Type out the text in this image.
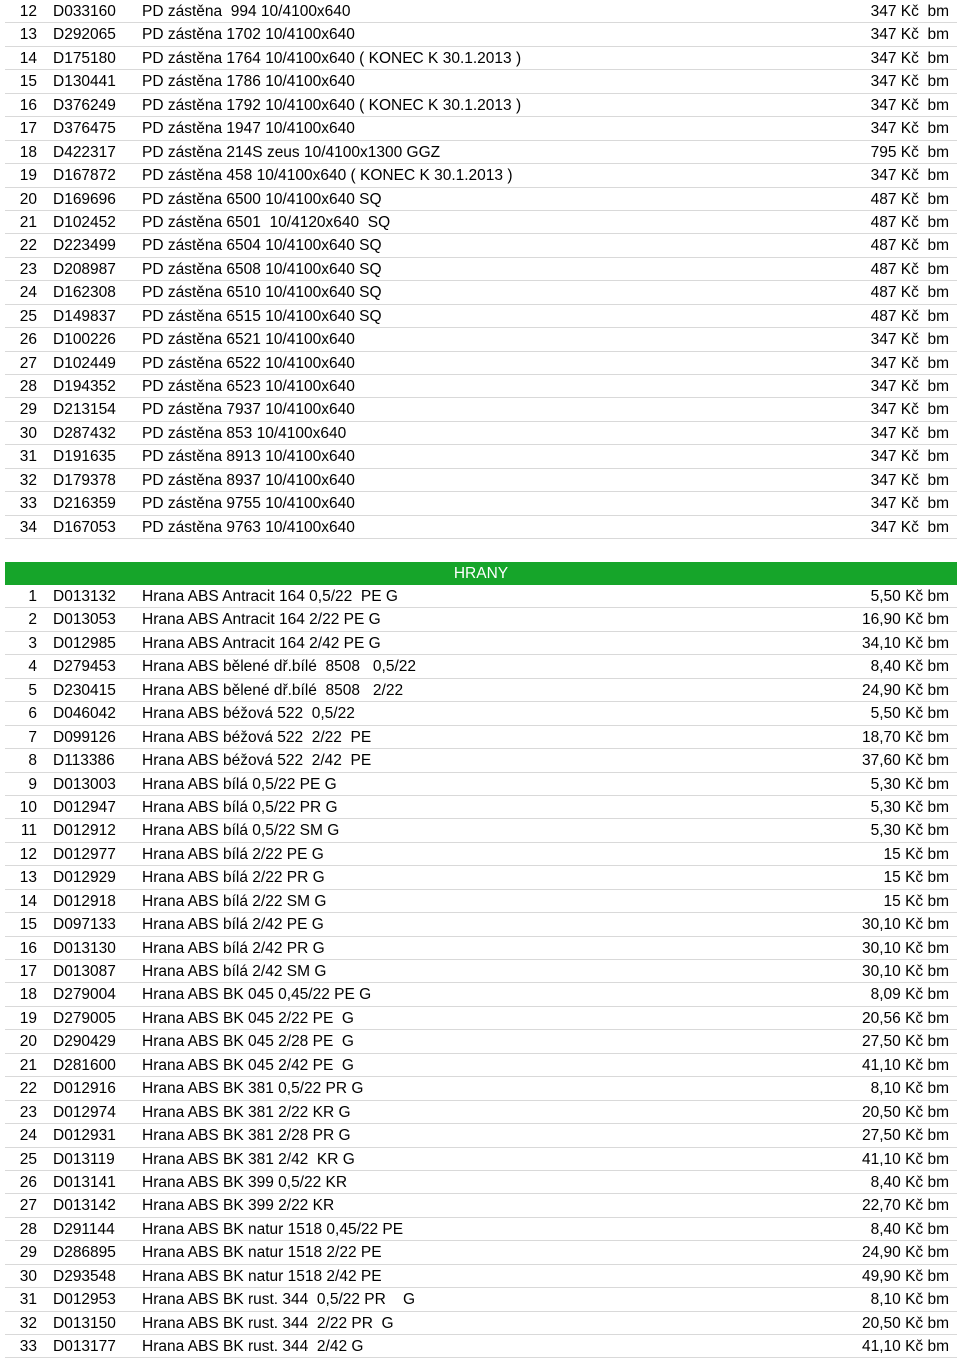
12 D033160 PD zástěna  994 10/4100x640	347 Kč  bm
13 D292065 PD zástěna 1702 10/4100x640	347 Kč  bm
14 D175180 PD zástěna 1764 10/4100x640 ( KONEC K 30.1.2013 )	347 Kč  bm
15 D130441 PD zástěna 1786 10/4100x640	347 Kč  bm
16 D376249 PD zástěna 1792 10/4100x640 ( KONEC K 30.1.2013 )	347 Kč  bm
17 D376475 PD zástěna 1947 10/4100x640	347 Kč  bm
18 D422317 PD zástěna 214S zeus 10/4100x1300 GGZ	795 Kč  bm
19 D167872 PD zástěna 458 10/4100x640 ( KONEC K 30.1.2013 )	347 Kč  bm
20 D169696 PD zástěna 6500 10/4100x640 SQ	487 Kč  bm
21 D102452 PD zástěna 6501  10/4120x640  SQ	487 Kč  bm
22 D223499 PD zástěna 6504 10/4100x640 SQ	487 Kč  bm
23 D208987 PD zástěna 6508 10/4100x640 SQ	487 Kč  bm
24 D162308 PD zástěna 6510 10/4100x640 SQ	487 Kč  bm
25 D149837 PD zástěna 6515 10/4100x640 SQ	487 Kč  bm
26 D100226 PD zástěna 6521 10/4100x640	347 Kč  bm
27 D102449 PD zástěna 6522 10/4100x640	347 Kč  bm
28 D194352 PD zástěna 6523 10/4100x640	347 Kč  bm
29 D213154 PD zástěna 7937 10/4100x640	347 Kč  bm
30 D287432 PD zástěna 853 10/4100x640	347 Kč  bm
31 D191635 PD zástěna 8913 10/4100x640	347 Kč  bm
32 D179378 PD zástěna 8937 10/4100x640	347 Kč  bm
33 D216359 PD zástěna 9755 10/4100x640	347 Kč  bm
34 D167053 PD zástěna 9763 10/4100x640	347 Kč  bm
HRANY
1 D013132 Hrana ABS Antracit 164 0,5/22  PE G	5,50 Kč bm
2 D013053 Hrana ABS Antracit 164 2/22 PE G	16,90 Kč bm
3 D012985 Hrana ABS Antracit 164 2/42 PE G	34,10 Kč bm
4 D279453 Hrana ABS bělené dř.bílé  8508   0,5/22	8,40 Kč bm
5 D230415 Hrana ABS bělené dř.bílé  8508   2/22	24,90 Kč bm
6 D046042 Hrana ABS béžová 522  0,5/22	5,50 Kč bm
7 D099126 Hrana ABS béžová 522  2/22  PE	18,70 Kč bm
8 D113386 Hrana ABS béžová 522  2/42  PE	37,60 Kč bm
9 D013003 Hrana ABS bílá 0,5/22 PE G	5,30 Kč bm
10 D012947 Hrana ABS bílá 0,5/22 PR G	5,30 Kč bm
11 D012912 Hrana ABS bílá 0,5/22 SM G	5,30 Kč bm
12 D012977 Hrana ABS bílá 2/22 PE G	15 Kč bm
13 D012929 Hrana ABS bílá 2/22 PR G	15 Kč bm
14 D012918 Hrana ABS bílá 2/22 SM G	15 Kč bm
15 D097133 Hrana ABS bílá 2/42 PE G	30,10 Kč bm
16 D013130 Hrana ABS bílá 2/42 PR G	30,10 Kč bm
17 D013087 Hrana ABS bílá 2/42 SM G	30,10 Kč bm
18 D279004 Hrana ABS BK 045 0,45/22 PE G	8,09 Kč bm
19 D279005 Hrana ABS BK 045 2/22 PE  G	20,56 Kč bm
20 D290429 Hrana ABS BK 045 2/28 PE  G	27,50 Kč bm
21 D281600 Hrana ABS BK 045 2/42 PE  G	41,10 Kč bm
22 D012916 Hrana ABS BK 381 0,5/22 PR G	8,10 Kč bm
23 D012974 Hrana ABS BK 381 2/22 KR G	20,50 Kč bm
24 D012931 Hrana ABS BK 381 2/28 PR G	27,50 Kč bm
25 D013119 Hrana ABS BK 381 2/42  KR G	41,10 Kč bm
26 D013141 Hrana ABS BK 399 0,5/22 KR	8,40 Kč bm
27 D013142 Hrana ABS BK 399 2/22 KR	22,70 Kč bm
28 D291144 Hrana ABS BK natur 1518 0,45/22 PE	8,40 Kč bm
29 D286895 Hrana ABS BK natur 1518 2/22 PE	24,90 Kč bm
30 D293548 Hrana ABS BK natur 1518 2/42 PE	49,90 Kč bm
31 D012953 Hrana ABS BK rust. 344  0,5/22 PR    G	8,10 Kč bm
32 D013150 Hrana ABS BK rust. 344  2/22 PR  G	20,50 Kč bm
33 D013177 Hrana ABS BK rust. 344  2/42 G	41,10 Kč bm
